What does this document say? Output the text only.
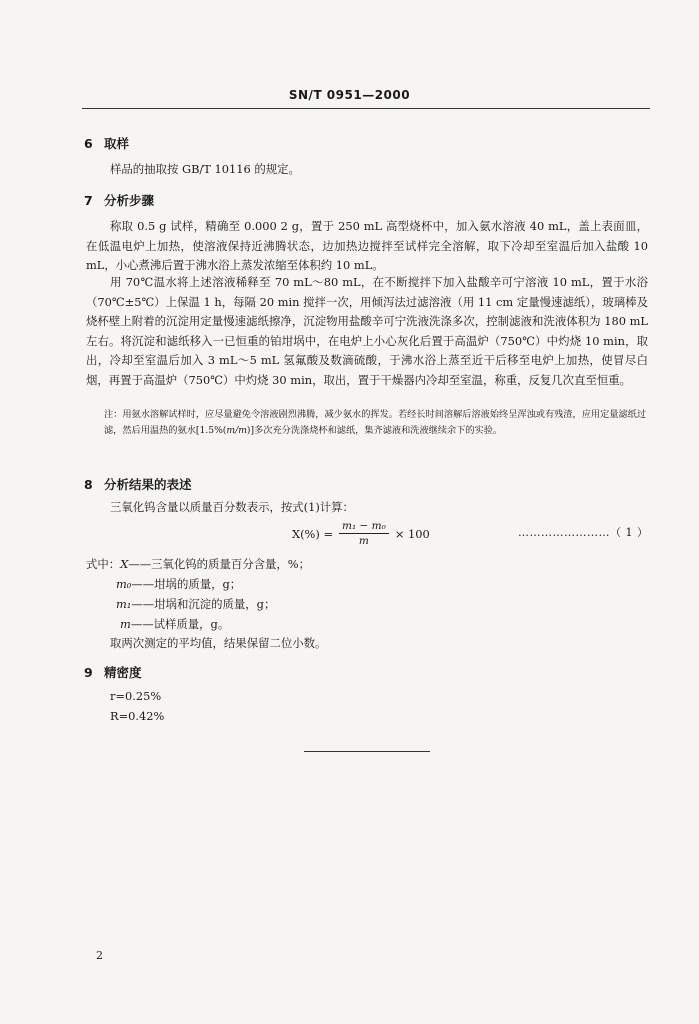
SN/T 0951—2000
6 取样
样品的抽取按 GB/T 10116 的规定。
7 分析步骤
称取 0.5 g 试样，精确至 0.000 2 g，置于 250 mL 高型烧杯中，加入氨水溶液 40 mL，盖上表面皿，在低温电炉上加热，使溶液保持近沸腾状态，边加热边搅拌至试样完全溶解，取下冷却至室温后加入盐酸 10 mL，小心煮沸后置于沸水浴上蒸发浓缩至体积约 10 mL。
用 70℃温水将上述溶液稀释至 70 mL～80 mL，在不断搅拌下加入盐酸辛可宁溶液 10 mL，置于水浴（70℃±5℃）上保温 1 h，每隔 20 min 搅拌一次，用倾泻法过滤溶液（用 11 cm 定量慢速滤纸），玻璃棒及烧杯壁上附着的沉淀用定量慢速滤纸擦净，沉淀物用盐酸辛可宁洗液洗涤多次，控制滤液和洗液体积为 180 mL 左右。将沉淀和滤纸移入一已恒重的铂坩埚中，在电炉上小心灰化后置于高温炉（750℃）中灼烧 10 min，取出，冷却至室温后加入 3 mL～5 mL 氢氟酸及数滴硫酸，于沸水浴上蒸至近干后移至电炉上加热，使冒尽白烟，再置于高温炉（750℃）中灼烧 30 min，取出，置于干燥器内冷却至室温，称重，反复几次直至恒重。
注：用氨水溶解试样时，应尽量避免令溶液剧烈沸腾，减少氨水的挥发。若经长时间溶解后溶液始终呈浑浊或有残渣，应用定量滤纸过滤，然后用温热的氨水[1.5%(m/m)]多次充分洗涤烧杯和滤纸，集齐滤液和洗液继续余下的实验。
8 分析结果的表述
三氧化钨含量以质量百分数表示，按式(1)计算：
$X(\%) = \frac{\text{m₁ − m₀}}{m} \times 100$	……………………（ 1 ）
式中：X——三氧化钨的质量百分含量，%；
m₀——坩埚的质量，g；
m₁——坩埚和沉淀的质量，g；
m——试样质量，g。
取两次测定的平均值，结果保留二位小数。
9 精密度
r=0.25%
R=0.42%
2
